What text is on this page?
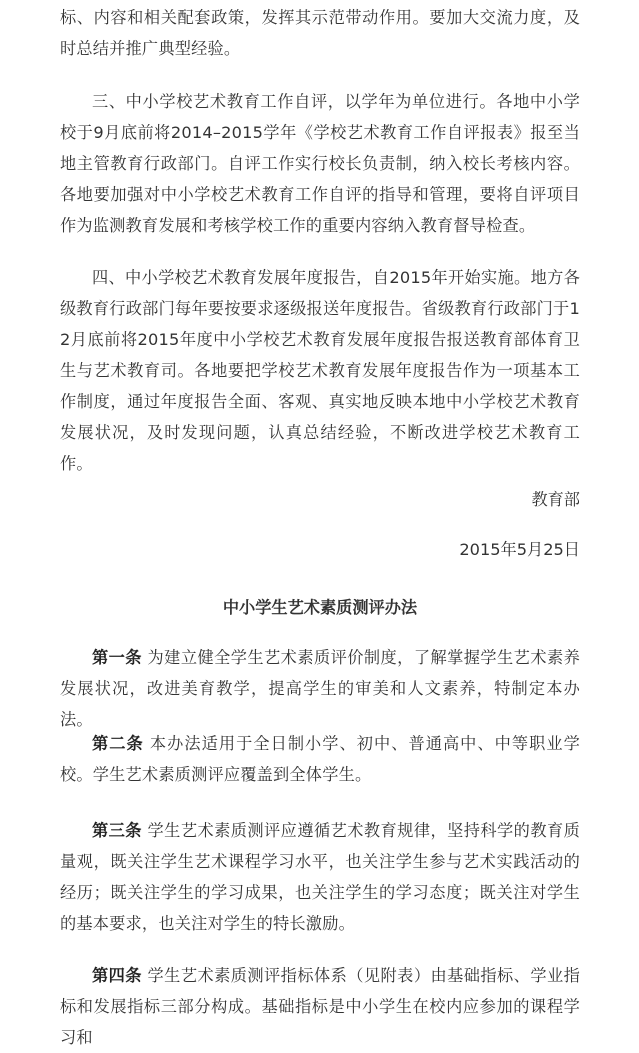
标、内容和相关配套政策，发挥其示范带动作用。要加大交流力度，及时总结并推广典型经验。

三、中小学校艺术教育工作自评，以学年为单位进行。各地中小学校于9月底前将2014–2015学年《学校艺术教育工作自评报表》报至当地主管教育行政部门。自评工作实行校长负责制，纳入校长考核内容。各地要加强对中小学校艺术教育工作自评的指导和管理，要将自评项目作为监测教育发展和考核学校工作的重要内容纳入教育督导检查。

四、中小学校艺术教育发展年度报告，自2015年开始实施。地方各级教育行政部门每年要按要求逐级报送年度报告。省级教育行政部门于12月底前将2015年度中小学校艺术教育发展年度报告报送教育部体育卫生与艺术教育司。各地要把学校艺术教育发展年度报告作为一项基本工作制度，通过年度报告全面、客观、真实地反映本地中小学校艺术教育发展状况，及时发现问题，认真总结经验，不断改进学校艺术教育工作。

教育部

2015年5月25日

中小学生艺术素质测评办法

第一条 为建立健全学生艺术素质评价制度，了解掌握学生艺术素养发展状况，改进美育教学，提高学生的审美和人文素养，特制定本办法。

第二条 本办法适用于全日制小学、初中、普通高中、中等职业学校。学生艺术素质测评应覆盖到全体学生。

第三条 学生艺术素质测评应遵循艺术教育规律，坚持科学的教育质量观，既关注学生艺术课程学习水平，也关注学生参与艺术实践活动的经历；既关注学生的学习成果，也关注学生的学习态度；既关注对学生的基本要求，也关注对学生的特长激励。

第四条 学生艺术素质测评指标体系（见附表）由基础指标、学业指标和发展指标三部分构成。基础指标是中小学生在校内应参加的课程学习和
